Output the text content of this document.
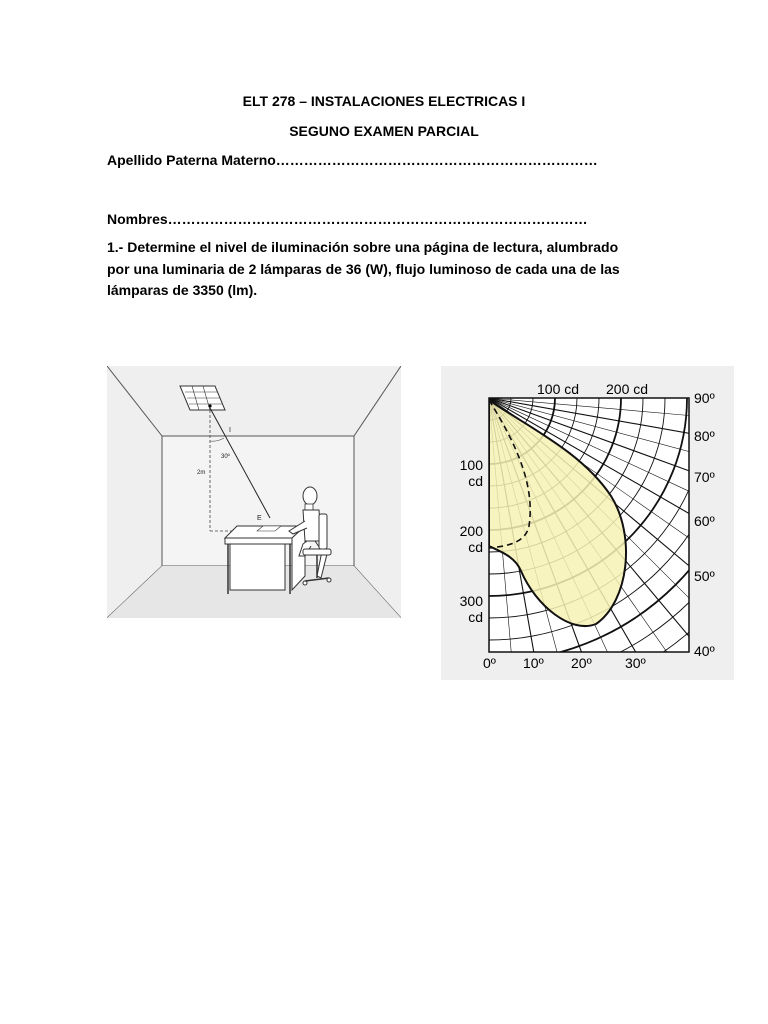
ELT 278 – INSTALACIONES ELECTRICAS I
SEGUNO EXAMEN PARCIAL
Apellido Paterna Materno……………………………………………………………
Nombres………………………………………………………………………………
1.- Determine el nivel de iluminación sobre una página de lectura, alumbrado
por una luminaria de 2 lámparas de 36 (W), flujo luminoso de cada una de las
lámparas de 3350 (lm).
I
30º
2m
E
100 cd 200 cd
100
cd
200
cd
300
cd
90º
80º
70º
60º
50º
40º
0º 10º 20º 30º
